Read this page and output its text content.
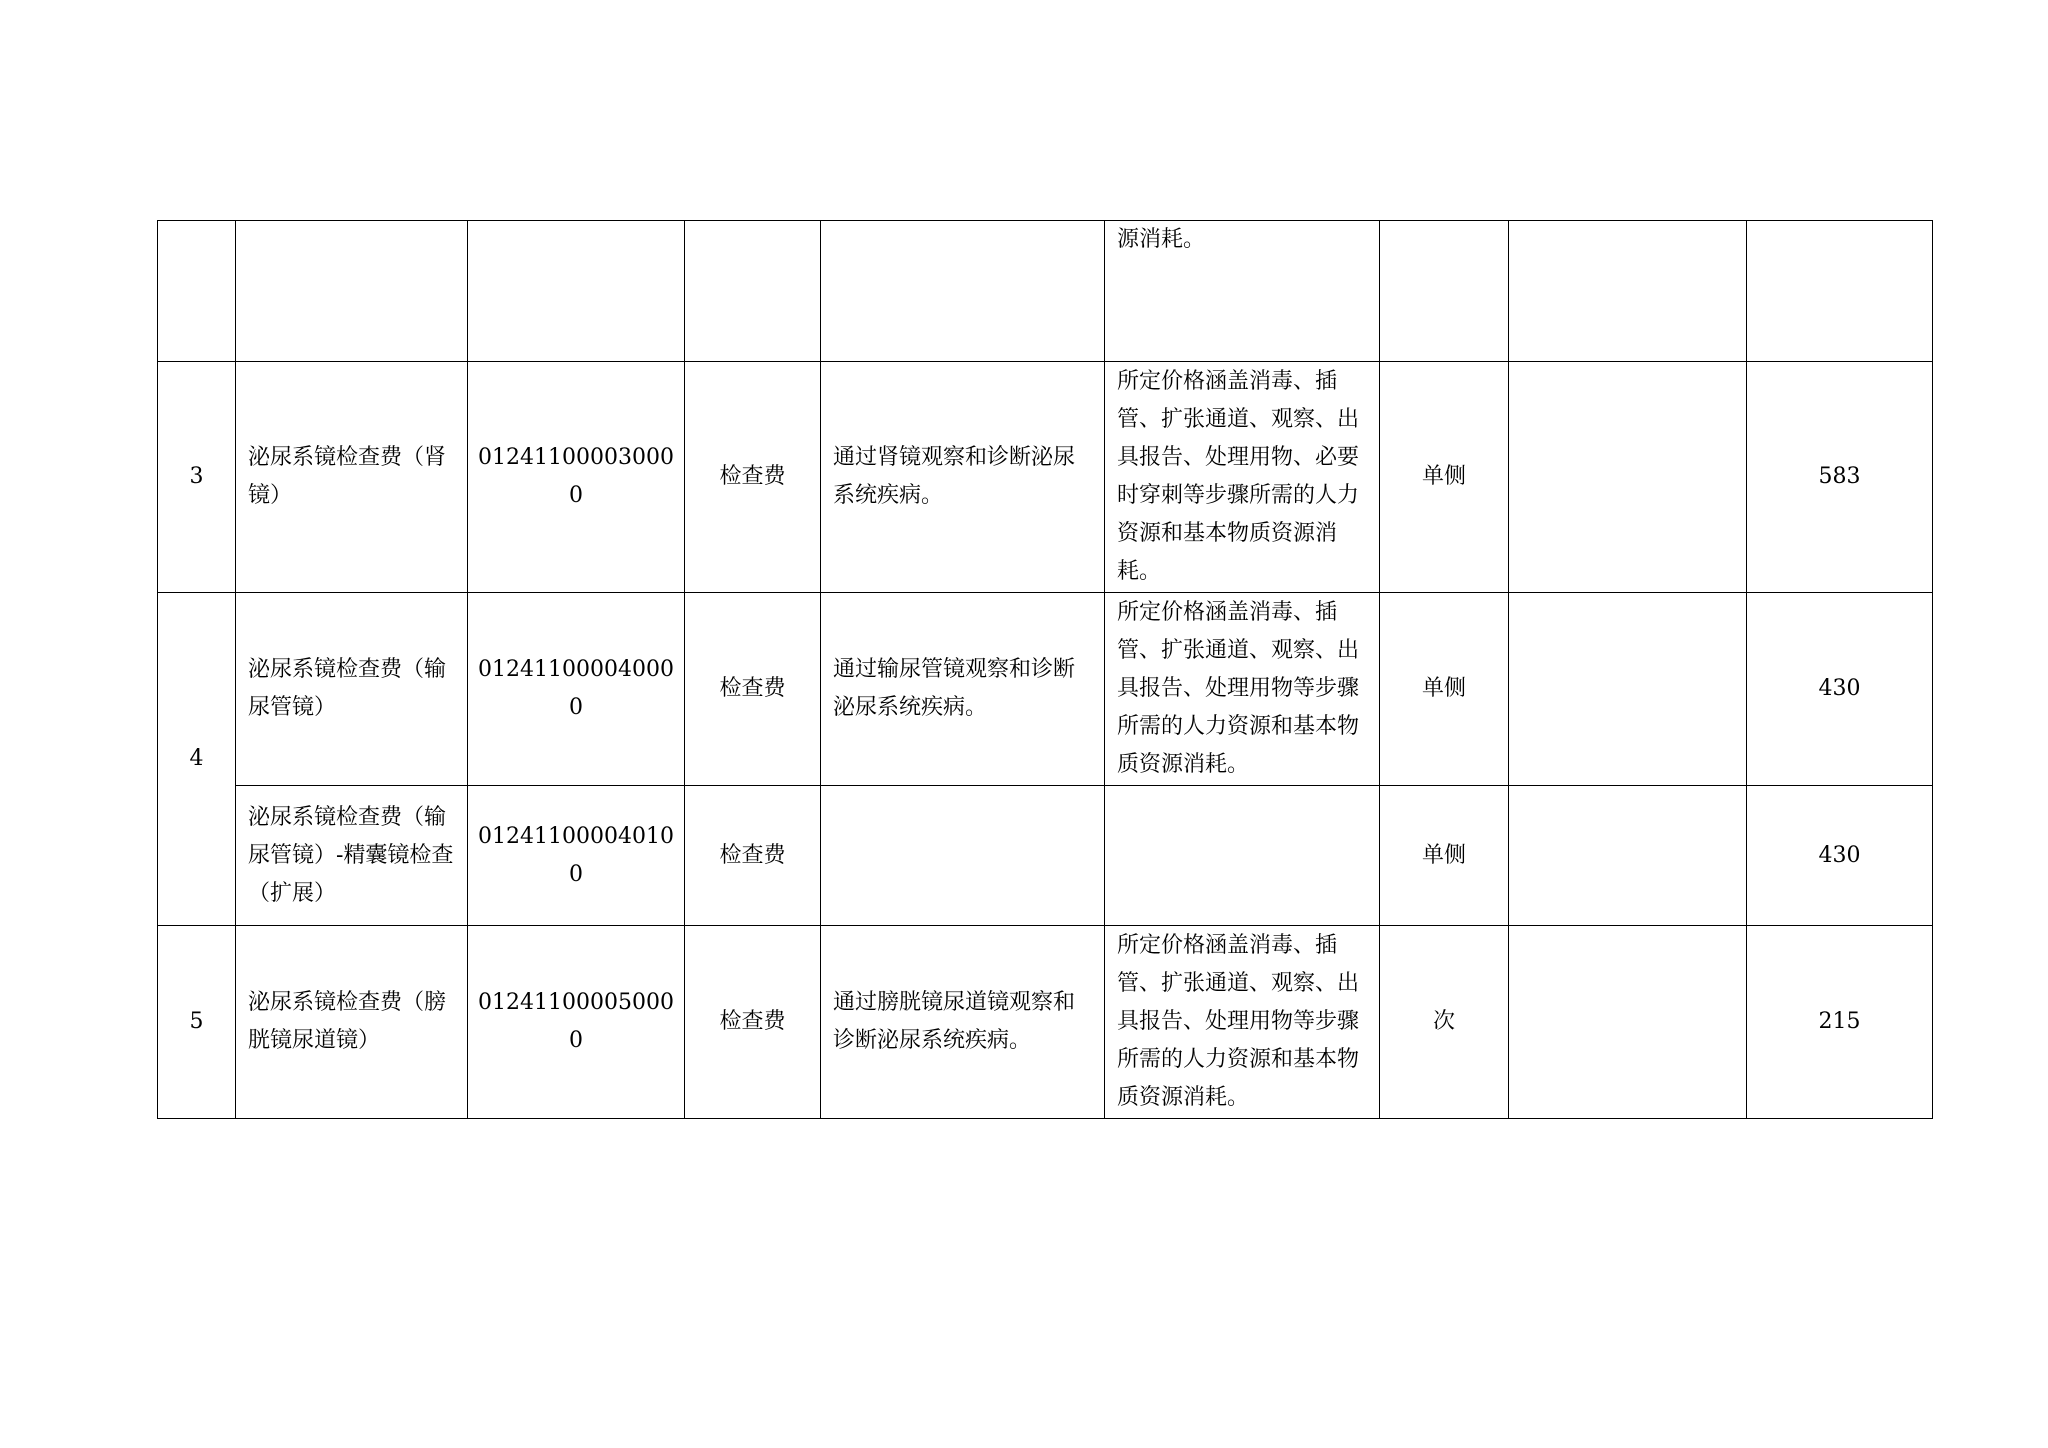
					源消耗。			
3	泌尿系镜检查费（肾镜）	012411000030000	检查费	通过肾镜观察和诊断泌尿系统疾病。	所定价格涵盖消毒、插管、扩张通道、观察、出具报告、处理用物、必要时穿刺等步骤所需的人力资源和基本物质资源消耗。	单侧		583
4	泌尿系镜检查费（输尿管镜）	012411000040000	检查费	通过输尿管镜观察和诊断泌尿系统疾病。	所定价格涵盖消毒、插管、扩张通道、观察、出具报告、处理用物等步骤所需的人力资源和基本物质资源消耗。	单侧		430
	泌尿系镜检查费（输尿管镜）-精囊镜检查（扩展）	012411000040100	检查费			单侧		430
5	泌尿系镜检查费（膀胱镜尿道镜）	012411000050000	检查费	通过膀胱镜尿道镜观察和诊断泌尿系统疾病。	所定价格涵盖消毒、插管、扩张通道、观察、出具报告、处理用物等步骤所需的人力资源和基本物质资源消耗。	次		215
